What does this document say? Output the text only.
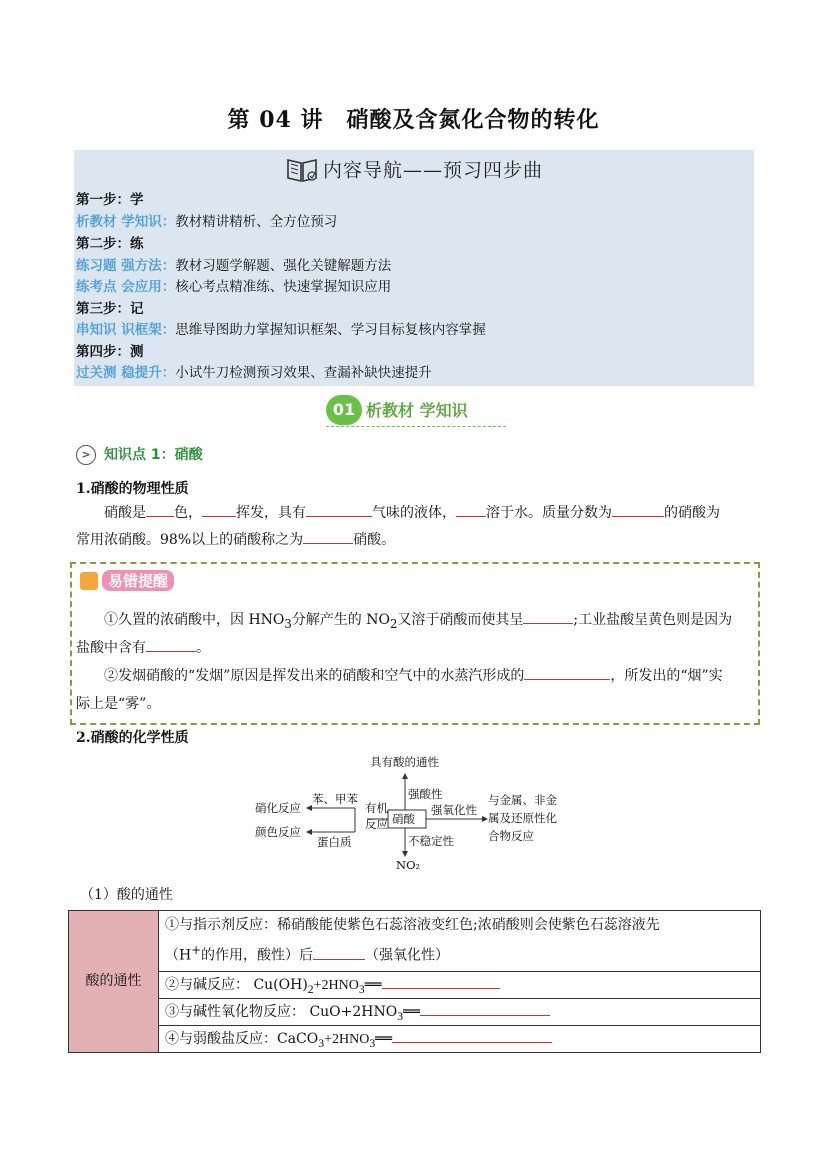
第 04 讲　硝酸及含氮化合物的转化
内容导航——预习四步曲
第一步：学
析教材 学知识：教材精讲精析、全方位预习
第二步：练
练习题 强方法：教材习题学解题、强化关键解题方法
练考点 会应用：核心考点精准练、快速掌握知识应用
第三步：记
串知识 识框架：思维导图助力掌握知识框架、学习目标复核内容掌握
第四步：测
过关测 稳提升：小试牛刀检测预习效果、查漏补缺快速提升
01 析教材 学知识
> 知识点 1：硝酸
1.硝酸的物理性质
硝酸是 色， 挥发，具有	气味的液体， 溶于水。质量分数为	的硝酸为
常用浓硝酸。98%以上的硝酸称之为	硝酸。
易错提醒
①久置的浓硝酸中，因 $HNO_3$分解产生的 $NO_2$又溶于硝酸而使其呈	;工业盐酸呈黄色则是因为
盐酸中含有	。
②发烟硝酸的“发烟”原因是挥发出来的硝酸和空气中的水蒸汽形成的	，所发出的“烟”实
际上是“雾”。
2.硝酸的化学性质
具有酸的通性
硝酸
强酸性
强氧化性
与金属、非金
属及还原性化
合物反应
不稳定性
NO₂
有机
反应
苯、甲苯
硝化反应
蛋白质
颜色反应
（1）酸的通性
酸的通性	①与指示剂反应：稀硝酸能使紫色石蕊溶液变红色;浓硝酸则会使紫色石蕊溶液先
（H+的作用，酸性）后	（强氧化性）
②与碱反应： $Cu(OH)_2+2HNO_3══$
③与碱性氧化物反应： $CuO+2HNO_3══$
④与弱酸盐反应：$CaCO_3+2HNO_3══$
